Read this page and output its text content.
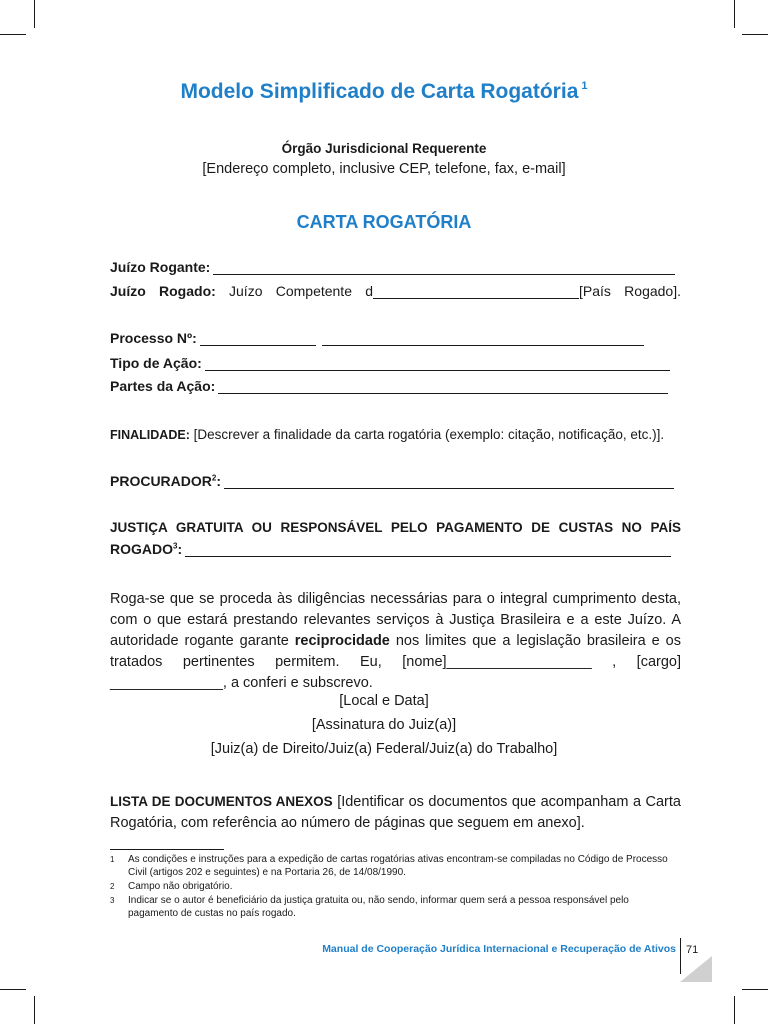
Modelo Simplificado de Carta Rogatória $^1$
Órgão Jurisdicional Requerente
[Endereço completo, inclusive CEP, telefone, fax, e-mail]
CARTA ROGATÓRIA
Juízo Rogante:
Juízo Rogado: Juízo Competente d	[País Rogado].
Processo Nº:
Tipo de Ação:
Partes da Ação:
FINALIDADE: [Descrever a finalidade da carta rogatória (exemplo: citação, notificação, etc.)].
PROCURADOR$^2$:
JUSTIÇA GRATUITA OU RESPONSÁVEL PELO PAGAMENTO DE CUSTAS NO PAÍS
ROGADO$^3$:
Roga-se que se proceda às diligências necessárias para o integral cumprimento desta, com o que estará prestando relevantes serviços à Justiça Brasileira e a este Juízo. A autoridade rogante garante reciprocidade nos limites que a legislação brasileira e os tratados pertinentes permitem. Eu, [nome]__________________ , [cargo] ______________, a conferi e subscrevo.
[Local e Data]
[Assinatura do Juiz(a)]
[Juiz(a) de Direito/Juiz(a) Federal/Juiz(a) do Trabalho]
LISTA DE DOCUMENTOS ANEXOS [Identificar os documentos que acompanham a Carta Rogatória, com referência ao número de páginas que seguem em anexo].
1 As condições e instruções para a expedição de cartas rogatórias ativas encontram-se compiladas no Código de Processo Civil (artigos 202 e seguintes) e na Portaria 26, de 14/08/1990.
2 Campo não obrigatório.
3 Indicar se o autor é beneficiário da justiça gratuita ou, não sendo, informar quem será a pessoa responsável pelo pagamento de custas no país rogado.
Manual de Cooperação Jurídica Internacional e Recuperação de Ativos 71
